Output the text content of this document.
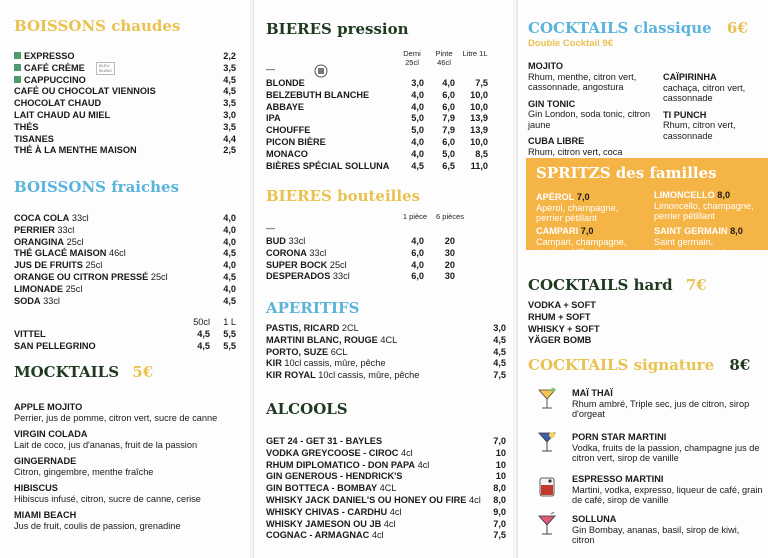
BOISSONS chaudes
BLEU
BLANC
EXPRESSO	2,2
CAFÉ CRÈME	3,5
CAPPUCCINO	4,5
CAFÉ OU CHOCOLAT VIENNOIS	4,5
CHOCOLAT CHAUD	3,5
LAIT CHAUD AU MIEL	3,0
THÉS	3,5
TISANES	4,4
THÉ À LA MENTHE MAISON	2,5
BOISSONS fraiches
COCA COLA 33cl	4,0
PERRIER 33cl	4,0
ORANGINA 25cl	4,0
THÉ GLACÉ MAISON 46cl	4,5
JUS DE FRUITS 25cl	4,0
ORANGE OU CITRON PRESSÉ 25cl	4,5
LIMONADE 25cl	4,0
SODA 33cl	4,5
50cl	1 L
VITTEL	4,5	5,5
SAN PELLEGRINO	4,5	5,5
MOCKTAILS 5€
APPLE MOJITO
Perrier, jus de pomme, citron vert, sucre de canne
VIRGIN COLADA
Lait de coco, jus d'ananas, fruit de la passion
GINGERNADE
Citron, gingembre, menthe fraîche
HIBISCUS
Hibiscus infusé, citron, sucre de canne, cerise
MIAMI BEACH
Jus de fruit, coulis de passion, grenadine
BIERES pression
Demi 25cl
Pinte 46cl
Litre 1L
—
BLONDE	3,0	4,0	7,5
BELZEBUTH BLANCHE	4,0	6,0	10,0
ABBAYE	4,0	6,0	10,0
IPA	5,0	7,9	13,9
CHOUFFE	5,0	7,9	13,9
PICON BIÈRE	4,0	6,0	10,0
MONACO	4,0	5,0	8,5
BIÈRES SPÉCIAL SOLLUNA	4,5	6,5	11,0
BIERES bouteilles
1 pièce	6 pièces
—
BUD 33cl	4,0	20
CORONA 33cl	6,0	30
SUPER BOCK 25cl	4,0	20
DESPERADOS 33cl	6,0	30
APERITIFS
PASTIS, RICARD 2CL	3,0
MARTINI BLANC, ROUGE 4CL	4,5
PORTO, SUZE 6CL	4,5
KIR 10cl cassis, mûre, pêche	4,5
KIR ROYAL 10cl cassis, mûre, pêche	7,5
ALCOOLS
GET 24 - GET 31 - BAYLES	7,0
VODKA GREYCOOSE - CIROC 4cl	10
RHUM DIPLOMATICO - DON PAPA 4cl	10
GIN GENEROUS - HENDRICK'S	10
GIN BOTTECA - BOMBAY 4CL	8,0
WHISKY JACK DANIEL'S OU HONEY OU FIRE 4cl	8,0
WHISKY CHIVAS - CARDHU 4cl	9,0
WHISKY JAMESON OU JB 4cl	7,0
COGNAC - ARMAGNAC 4cl	7,5
COCKTAILS classique 6€
Double Cocktail 9€
MOJITO
Rhum, menthe, citron vert, cassonnade, angostura
GIN TONIC
Gin London, soda tonic, citron jaune
CUBA LIBRE
Rhum, citron vert, coca
CAÏPIRINHA
cachaça, citron vert, cassonnade
TI PUNCH
Rhum, citron vert, cassonnade
SPRITZS des familles
APÉROL 7,0
Apérol, champagne, perrier pétillant
LIMONCELLO 8,0
Limoncello, champagne, perrier pétillant
CAMPARI 7,0
Campari, champagne, perrier pétillant
SAINT GERMAIN 8,0
Saint germain, champagne, perrier pétillant
COCKTAILS hard 7€
VODKA + SOFT
RHUM + SOFT
WHISKY + SOFT
YÄGER BOMB
COCKTAILS signature 8€
MAÏ THAÏ
Rhum ambré, Triple sec, jus de citron, sirop d'orgeat
PORN STAR MARTINI
Vodka, fruits de la passion, champagne jus de citron vert, sirop de vanille
ESPRESSO MARTINI
Martini, vodka, expresso, liqueur de café, grain de café, sirop de vanille
SOLLUNA
Gin Bombay, ananas, basil, sirop de kiwi, citron
